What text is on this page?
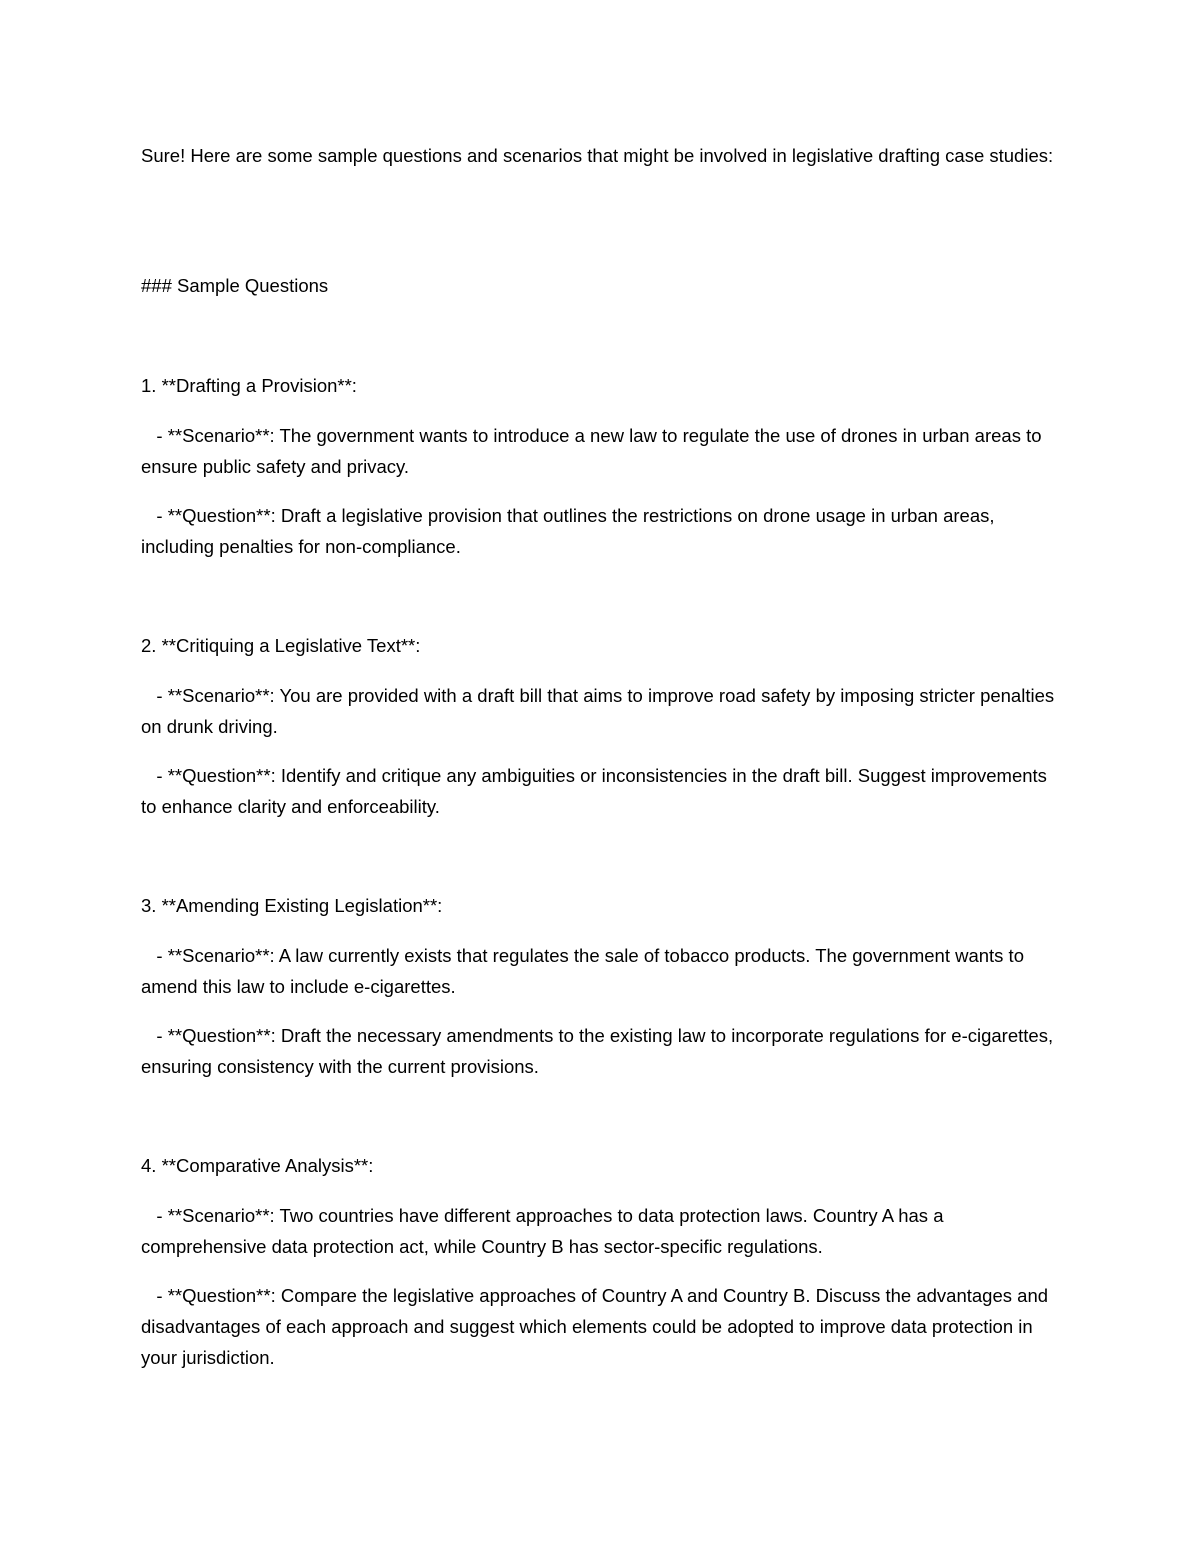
Sure! Here are some sample questions and scenarios that might be involved in legislative drafting case studies:

### Sample Questions

1. **Drafting a Provision**:

- **Scenario**: The government wants to introduce a new law to regulate the use of drones in urban areas to ensure public safety and privacy.

- **Question**: Draft a legislative provision that outlines the restrictions on drone usage in urban areas, including penalties for non-compliance.

2. **Critiquing a Legislative Text**:

- **Scenario**: You are provided with a draft bill that aims to improve road safety by imposing stricter penalties on drunk driving.

- **Question**: Identify and critique any ambiguities or inconsistencies in the draft bill. Suggest improvements to enhance clarity and enforceability.

3. **Amending Existing Legislation**:

- **Scenario**: A law currently exists that regulates the sale of tobacco products. The government wants to amend this law to include e-cigarettes.

- **Question**: Draft the necessary amendments to the existing law to incorporate regulations for e-cigarettes, ensuring consistency with the current provisions.

4. **Comparative Analysis**:

- **Scenario**: Two countries have different approaches to data protection laws. Country A has a comprehensive data protection act, while Country B has sector-specific regulations.

- **Question**: Compare the legislative approaches of Country A and Country B. Discuss the advantages and disadvantages of each approach and suggest which elements could be adopted to improve data protection in your jurisdiction.
